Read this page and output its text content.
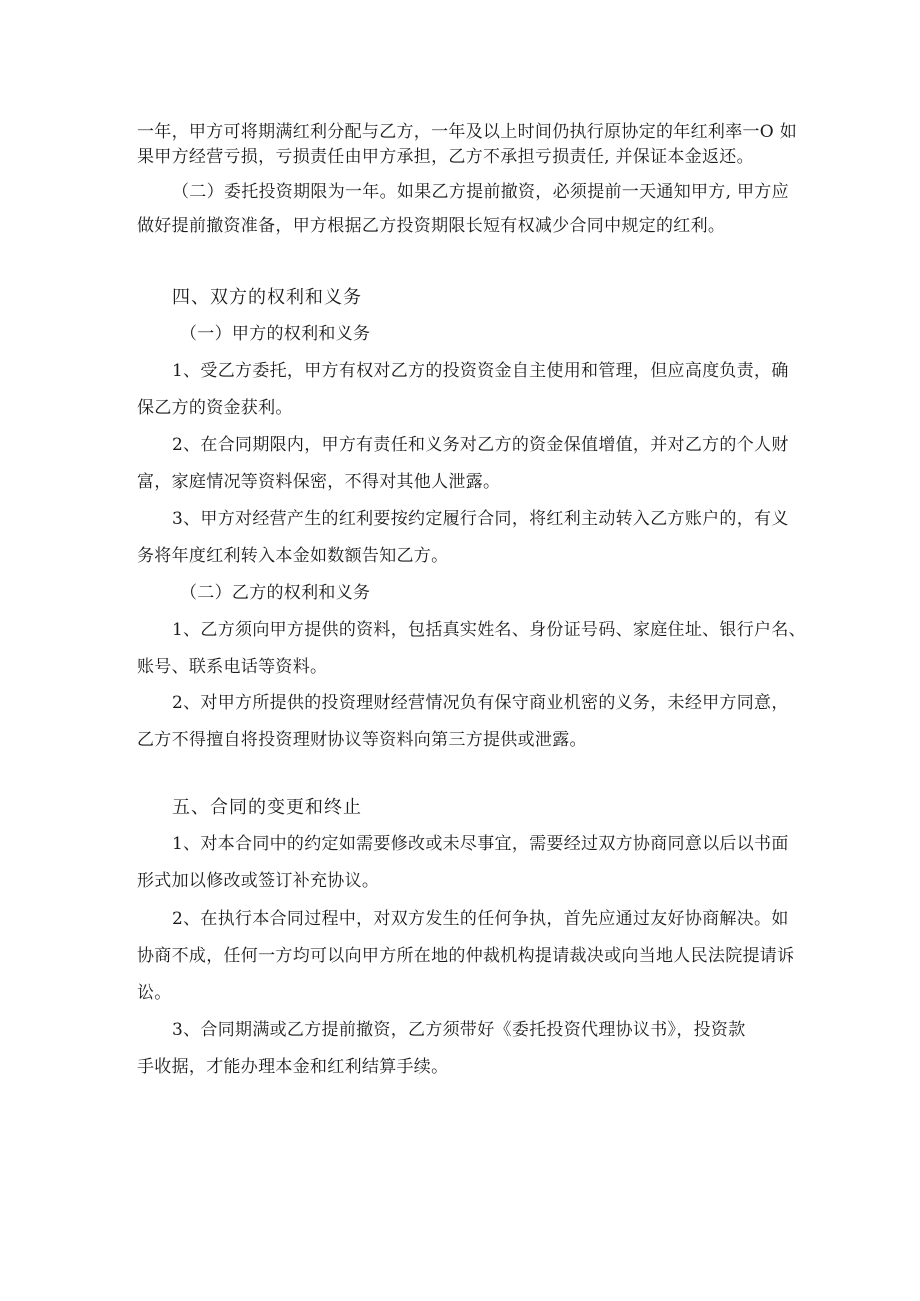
一年，甲方可将期满红利分配与乙方，一年及以上时间仍执行原协定的年红利率一O 如
果甲方经营亏损，亏损责任由甲方承担，乙方不承担亏损责任, 并保证本金返还。
（二）委托投资期限为一年。如果乙方提前撤资，必须提前一天通知甲方, 甲方应
做好提前撤资准备，甲方根据乙方投资期限长短有权减少合同中规定的红利。
四、双方的权利和义务
（一）甲方的权利和义务
1、受乙方委托，甲方有权对乙方的投资资金自主使用和管理，但应高度负责，确
保乙方的资金获利。
2、在合同期限内，甲方有责任和义务对乙方的资金保值增值，并对乙方的个人财
富，家庭情况等资料保密，不得对其他人泄露。
3、甲方对经营产生的红利要按约定履行合同，将红利主动转入乙方账户的，有义
务将年度红利转入本金如数额告知乙方。
（二）乙方的权利和义务
1、乙方须向甲方提供的资料，包括真实姓名、身份证号码、家庭住址、银行户名、
账号、联系电话等资料。
2、对甲方所提供的投资理财经营情况负有保守商业机密的义务，未经甲方同意，
乙方不得擅自将投资理财协议等资料向第三方提供或泄露。
五、合同的变更和终止
1、对本合同中的约定如需要修改或未尽事宜，需要经过双方协商同意以后以书面
形式加以修改或签订补充协议。
2、在执行本合同过程中，对双方发生的任何争执，首先应通过友好协商解决。如
协商不成，任何一方均可以向甲方所在地的仲裁机构提请裁决或向当地人民法院提请诉
讼。
3、合同期满或乙方提前撤资，乙方须带好《委托投资代理协议书》，投资款
手收据，才能办理本金和红利结算手续。
